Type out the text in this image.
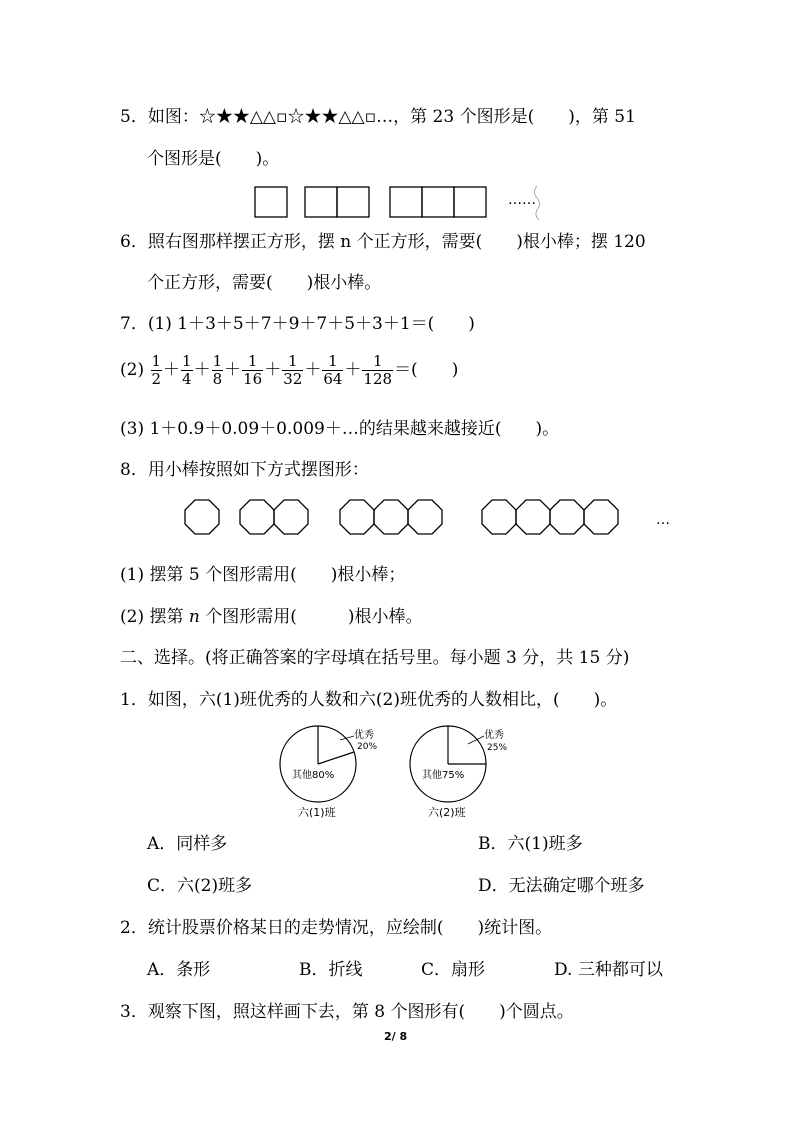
5．如图：☆★★△△▫☆★★△△▫…，第 23 个图形是(　　)，第 51
个图形是(　　)。
……
6．照右图那样摆正方形，摆 n 个正方形，需要(　　)根小棒；摆 120
个正方形，需要(　　)根小棒。
7．(1) 1＋3＋5＋7＋9＋7＋5＋3＋1＝(　　)
$(2) \frac{1}{2} + \frac{1}{4} + \frac{1}{8} + \frac{1}{16} + \frac{1}{32} + \frac{1}{64} + \frac{1}{128}$ ＝(　　)
(3) 1＋0.9＋0.09＋0.009＋…的结果越来越接近(　　)。
8．用小棒按照如下方式摆图形：
…
(1) 摆第 5 个图形需用(　　)根小棒；
(2) 摆第 n 个图形需用(　　　)根小棒。
二、选择。(将正确答案的字母填在括号里。每小题 3 分，共 15 分)
1．如图，六(1)班优秀的人数和六(2)班优秀的人数相比，(　　)。
优秀
20%
其他80%
六(1)班
优秀
25%
其他75%
六(2)班
A．同样多	B．六(1)班多
C．六(2)班多	D．无法确定哪个班多
2．统计股票价格某日的走势情况，应绘制(　　)统计图。
A．条形	B．折线	C．扇形	D. 三种都可以
3．观察下图，照这样画下去，第 8 个图形有(　　)个圆点。
2/ 8
